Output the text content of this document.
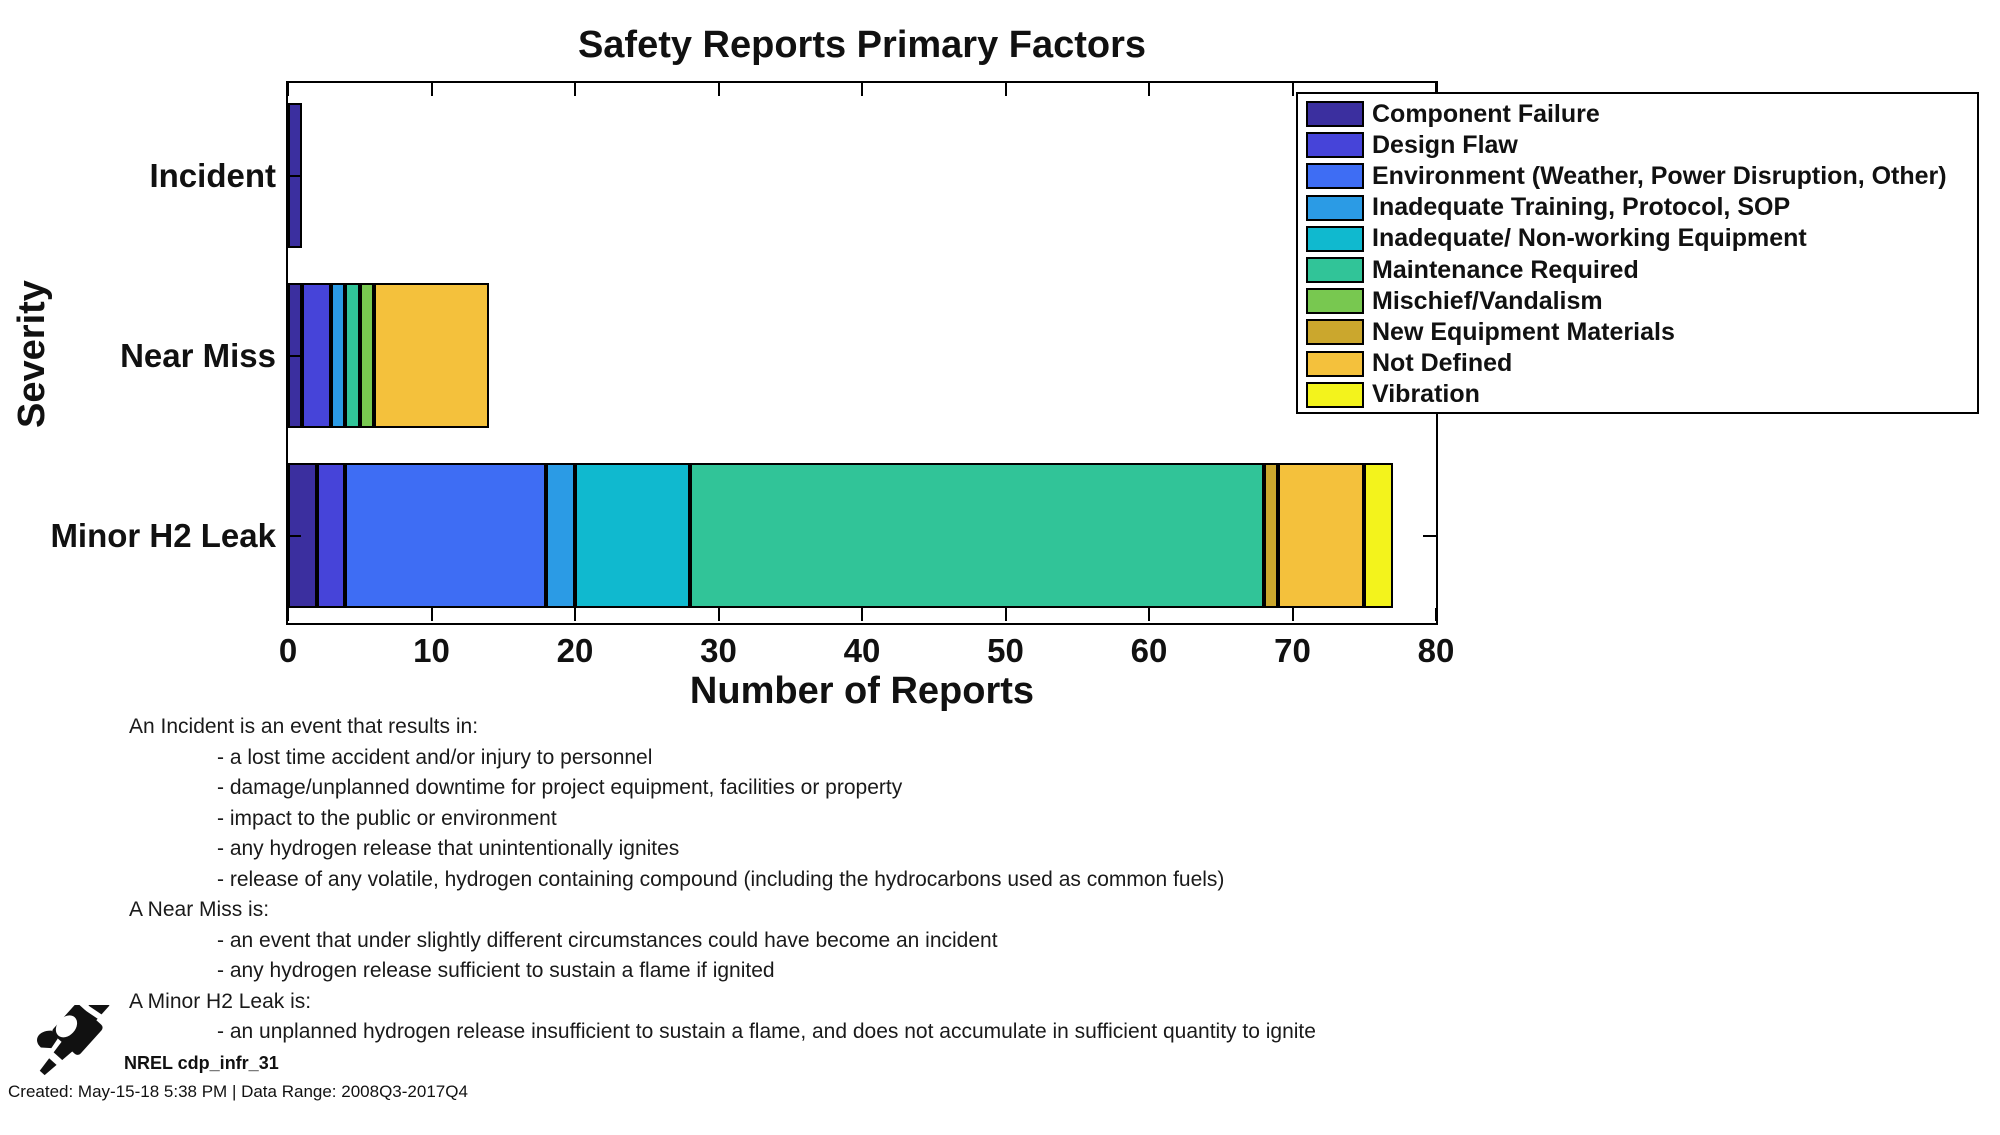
Safety Reports Primary Factors
0	10	20	30	40	50	60	70	80
Incident
Near Miss
Minor H2 Leak
Number of Reports
Severity
Component Failure
Design Flaw
Environment (Weather, Power Disruption, Other)
Inadequate Training, Protocol, SOP
Inadequate/ Non-working Equipment
Maintenance Required
Mischief/Vandalism
New Equipment Materials
Not Defined
Vibration
An Incident is an event that results in:
- a lost time accident and/or injury to personnel
- damage/unplanned downtime for project equipment, facilities or property
- impact to the public or environment
- any hydrogen release that unintentionally ignites
- release of any volatile, hydrogen containing compound (including the hydrocarbons used as common fuels)
A Near Miss is:
- an event that under slightly different circumstances could have become an incident
- any hydrogen release sufficient to sustain a flame if ignited
A Minor H2 Leak is:
- an unplanned hydrogen release insufficient to sustain a flame, and does not accumulate in sufficient quantity to ignite
NREL cdp_infr_31
Created: May-15-18 5:38 PM | Data Range: 2008Q3-2017Q4
